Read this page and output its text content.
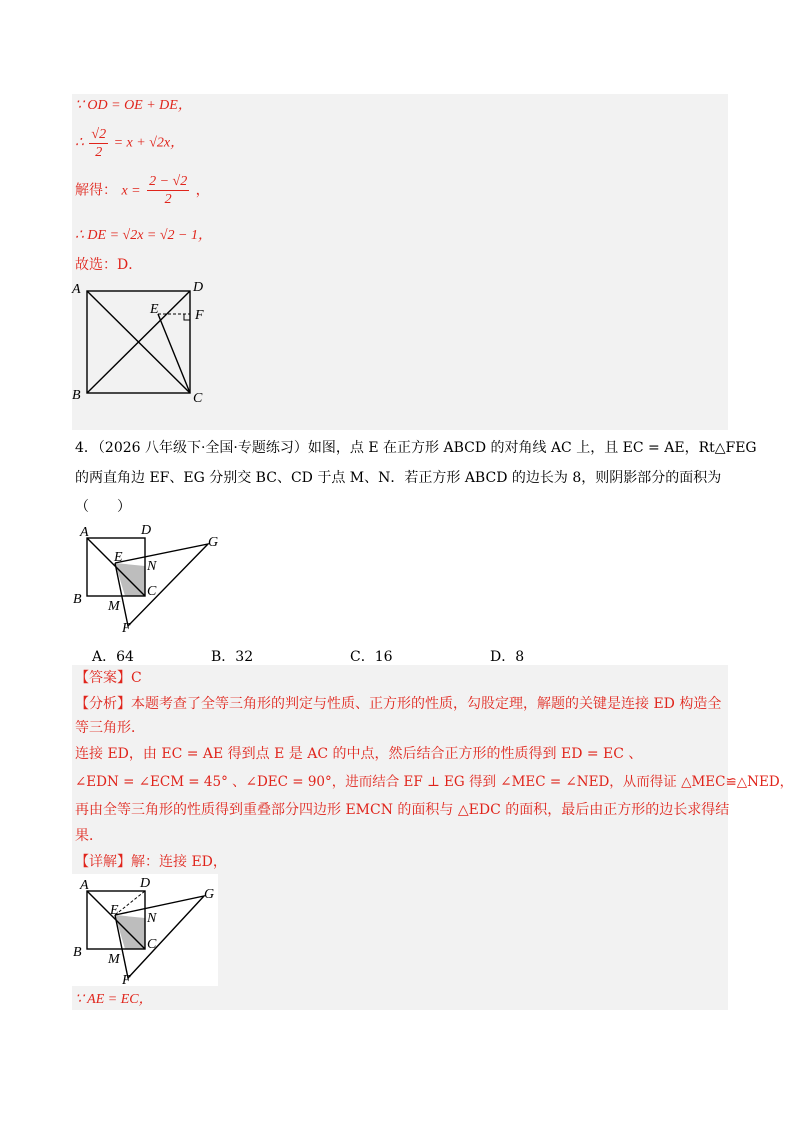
∵ OD = OE + DE，
∴ $\frac{√2}{2} = x + √2x$，
解得： $x = \frac{2 - √2}{2}$ ，
∴ DE = √2x = √2 − 1，
故选：D．
A	D
E	F
B	C
4．（2026 八年级下·全国·专题练习）如图，点 E 在正方形 ABCD 的对角线 AC 上，且 EC = AE，Rt△FEG
的两直角边 EF、EG 分别交 BC、CD 于点 M、N．若正方形 ABCD 的边长为 8，则阴影部分的面积为
（　　）
A	D
E
N
G
B
C
M
F
A．64	B．32	C．16	D．8
【答案】C
【分析】本题考查了全等三角形的判定与性质、正方形的性质，勾股定理，解题的关键是连接 ED 构造全
等三角形．
连接 ED，由 EC = AE 得到点 E 是 AC 的中点，然后结合正方形的性质得到 ED = EC 、
∠EDN = ∠ECM = 45° 、∠DEC = 90°，进而结合 EF ⊥ EG 得到 ∠MEC = ∠NED，从而得证 △MEC≌△NED，
再由全等三角形的性质得到重叠部分四边形 EMCN 的面积与 △EDC 的面积，最后由正方形的边长求得结
果．
【详解】解：连接 ED，
A	D
E
N
G
B
C
M
F
∵ AE = EC，
